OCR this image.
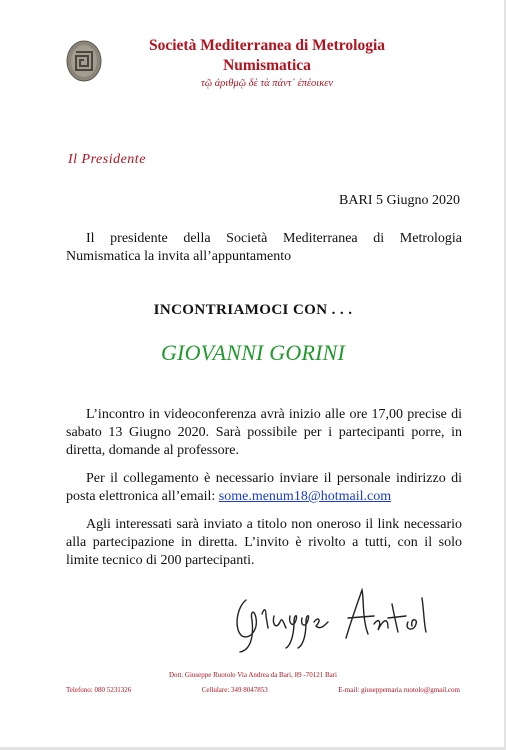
Società Mediterranea di Metrologia
Numismatica
τῷ ἀριθμῷ δὲ τὰ πάντ᾽ ἐπέοικεν
Il Presidente
BARI 5 Giugno 2020
Il presidente della Società Mediterranea di Metrologia Numismatica la invita all’appuntamento
INCONTRIAMOCI CON . . .
GIOVANNI GORINI
L’incontro in videoconferenza avrà inizio alle ore 17,00 precise di sabato 13 Giugno 2020. Sarà possibile per i partecipanti porre, in diretta, domande al professore.
Per il collegamento è necessario inviare il personale indirizzo di posta elettronica all’email: some.menum18@hotmail.com
Agli interessati sarà inviato a titolo non oneroso il link necessario alla partecipazione in diretta. L’invito è rivolto a tutti, con il solo limite tecnico di 200 partecipanti.
Dott. Giuseppe Ruotolo Via Andrea da Bari, 89 -70121 Bari
Telefono: 080 5231326	Cellulare: 349 8047853	E-mail: giuseppemaria ruotolo@gmail.com
